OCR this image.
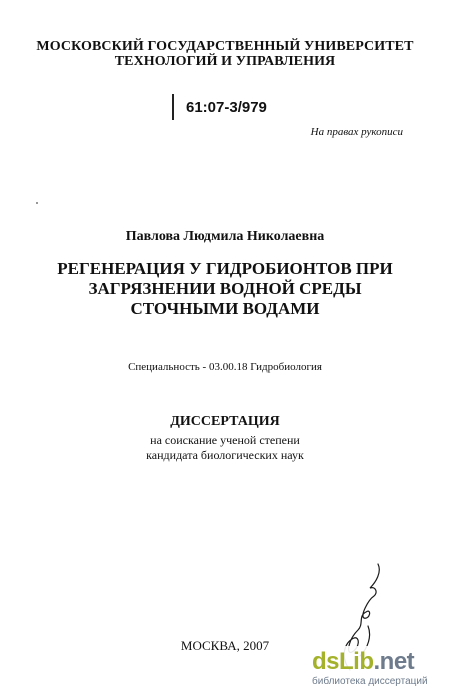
МОСКОВСКИЙ ГОСУДАРСТВЕННЫЙ УНИВЕРСИТЕТ
ТЕХНОЛОГИЙ И УПРАВЛЕНИЯ
61:07-3/979
На правах рукописи
Павлова Людмила Николаевна
РЕГЕНЕРАЦИЯ У ГИДРОБИОНТОВ ПРИ ЗАГРЯЗНЕНИИ ВОДНОЙ СРЕДЫ СТОЧНЫМИ ВОДАМИ
Специальность - 03.00.18 Гидробиология
ДИССЕРТАЦИЯ
на соискание ученой степени
кандидата биологических наук
МОСКВА, 2007
dsLib.net
библиотека диссертаций
